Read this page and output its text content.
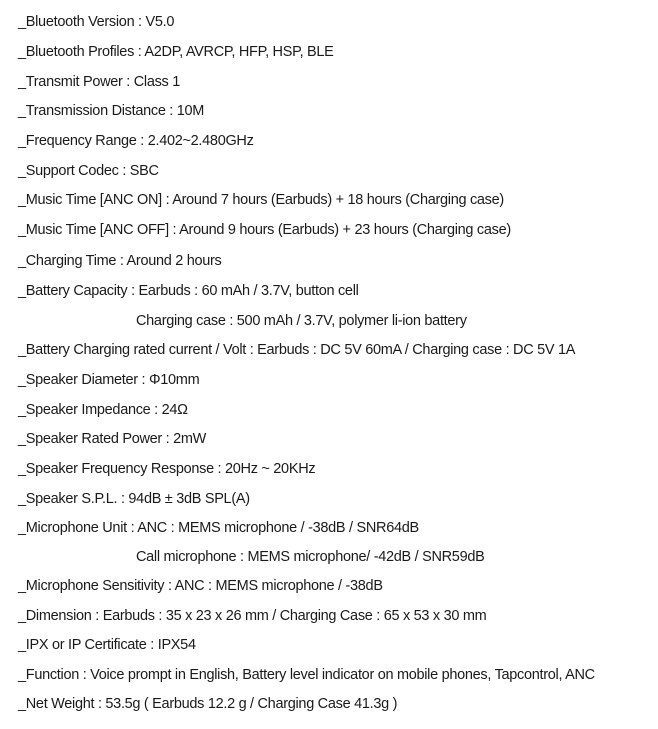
_Bluetooth Version : V5.0
_Bluetooth Profiles : A2DP, AVRCP, HFP, HSP, BLE
_Transmit Power : Class 1
_Transmission Distance : 10M
_Frequency Range : 2.402~2.480GHz
_Support Codec : SBC
_Music Time [ANC ON] : Around 7 hours (Earbuds) + 18 hours (Charging case)
_Music Time [ANC OFF] : Around 9 hours (Earbuds) + 23 hours (Charging case)
_Charging Time : Around 2 hours
_Battery Capacity : Earbuds : 60 mAh / 3.7V, button cell
Charging case : 500 mAh / 3.7V, polymer li-ion battery
_Battery Charging rated current / Volt : Earbuds : DC 5V 60mA / Charging case : DC 5V 1A
_Speaker Diameter : Φ10mm
_Speaker Impedance : 24Ω
_Speaker Rated Power : 2mW
_Speaker Frequency Response : 20Hz ~ 20KHz
_Speaker S.P.L. : 94dB ± 3dB SPL(A)
_Microphone Unit : ANC : MEMS microphone / -38dB / SNR64dB
Call microphone : MEMS microphone/ -42dB / SNR59dB
_Microphone Sensitivity : ANC : MEMS microphone / -38dB
_Dimension : Earbuds : 35 x 23 x 26 mm / Charging Case : 65 x 53 x 30 mm
_IPX or IP Certificate : IPX54
_Function : Voice prompt in English, Battery level indicator on mobile phones, Tapcontrol, ANC
_Net Weight : 53.5g ( Earbuds 12.2 g / Charging Case 41.3g )
